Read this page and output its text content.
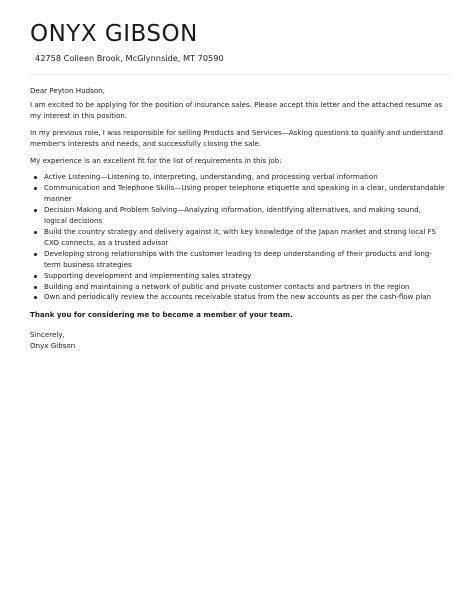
ONYX GIBSON
42758 Colleen Brook, McGlynnside, MT 70590

Dear Peyton Hudson,

I am excited to be applying for the position of insurance sales. Please accept this letter and the attached resume as my interest in this position.

In my previous role, I was responsible for selling Products and Services—Asking questions to qualify and understand member's interests and needs, and successfully closing the sale.

My experience is an excellent fit for the list of requirements in this job:

Active Listening—Listening to, interpreting, understanding, and processing verbal information
Communication and Telephone Skills—Using proper telephone etiquette and speaking in a clear, understandable manner
Decision Making and Problem Solving—Analyzing information, identifying alternatives, and making sound, logical decisions
Build the country strategy and delivery against it, with key knowledge of the Japan market and strong local FS CXO connects, as a trusted advisor
Developing strong relationships with the customer leading to deep understanding of their products and long-term business strategies
Supporting development and implementing sales strategy
Building and maintaining a network of public and private customer contacts and partners in the region
Own and periodically review the accounts receivable status from the new accounts as per the cash-flow plan

Thank you for considering me to become a member of your team.

Sincerely,

Onyx Gibson
